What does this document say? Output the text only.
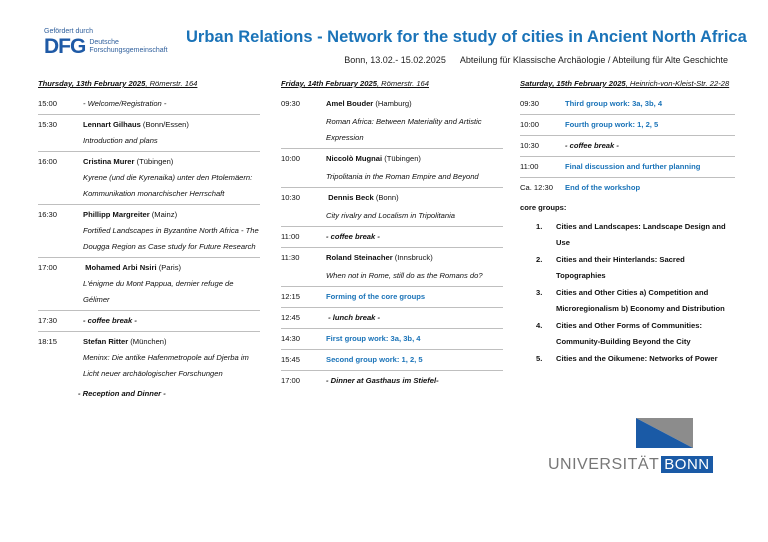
Gefördert durch
DFG Deutsche
Forschungsgemeinschaft
Urban Relations - Network for the study of cities in Ancient North Africa
Bonn, 13.02.- 15.02.2025 Abteilung für Klassische Archäologie / Abteilung für Alte Geschichte
Thursday, 13th February 2025, Römerstr. 164
15:00	- Welcome/Registration -
15:30	Lennart Gilhaus (Bonn/Essen)
Introduction and plans
16:00	Cristina Murer (Tübingen)
Kyrene (und die Kyrenaika) unter den Ptolemäern: Kommunikation monarchischer Herrschaft
16:30	Phillipp Margreiter (Mainz)
Fortified Landscapes in Byzantine North Africa - The Dougga Region as Case study for Future Research
17:00	Mohamed Arbi Nsiri (Paris)
L'énigme du Mont Pappua, dernier refuge de Gélimer
17:30	- coffee break -
18:15	Stefan Ritter (München)
Meninx: Die antike Hafenmetropole auf Djerba im Licht neuer archäologischer Forschungen
- Reception and Dinner -
Friday, 14th February 2025, Römerstr. 164
09:30	Amel Bouder (Hamburg)
Roman Africa: Between Materiality and Artistic Expression
10:00	Niccolò Mugnai (Tübingen)
Tripolitania in the Roman Empire and Beyond
10:30	Dennis Beck (Bonn)
City rivalry and Localism in Tripolitania
11:00	- coffee break -
11:30	Roland Steinacher (Innsbruck)
When not in Rome, still do as the Romans do?
12:15	Forming of the core groups
12:45	- lunch break -
14:30	First group work: 3a, 3b, 4
15:45	Second group work: 1, 2, 5
17:00	- Dinner at Gasthaus im Stiefel-
Saturday, 15th February 2025, Heinrich-von-Kleist-Str. 22-28
09:30	Third group work: 3a, 3b, 4
10:00	Fourth group work: 1, 2, 5
10:30	- coffee break -
11:00	Final discussion and further planning
Ca. 12:30	End of the workshop
core groups:
1.	Cities and Landscapes: Landscape Design and Use
2.	Cities and their Hinterlands: Sacred Topographies
3.	Cities and Other Cities a) Competition and Microregionalism b) Economy and Distribution
4.	Cities and Other Forms of Communities: Community-Building Beyond the City
5.	Cities and the Oikumene: Networks of Power
UNIVERSITÄT BONN
